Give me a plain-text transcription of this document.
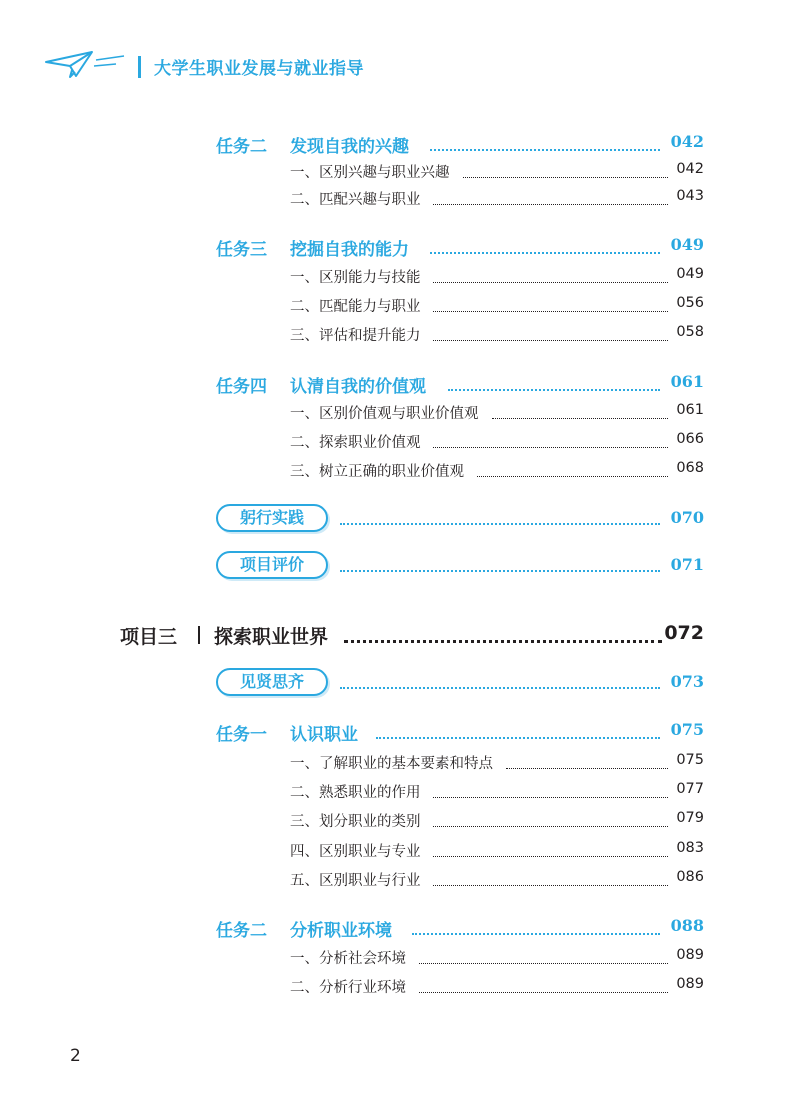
大学生职业发展与就业指导
任务二 发现自我的兴趣	042
一、区别兴趣与职业兴趣	042
二、匹配兴趣与职业	043
任务三 挖掘自我的能力	049
一、区别能力与技能	049
二、匹配能力与职业	056
三、评估和提升能力	058
任务四 认清自我的价值观	061
一、区别价值观与职业价值观	061
二、探索职业价值观	066
三、树立正确的职业价值观	068
躬行实践	070
项目评价	071
项目三 探索职业世界	072
见贤思齐	073
任务一 认识职业	075
一、了解职业的基本要素和特点	075
二、熟悉职业的作用	077
三、划分职业的类别	079
四、区别职业与专业	083
五、区别职业与行业	086
任务二 分析职业环境	088
一、分析社会环境	089
二、分析行业环境	089
2
